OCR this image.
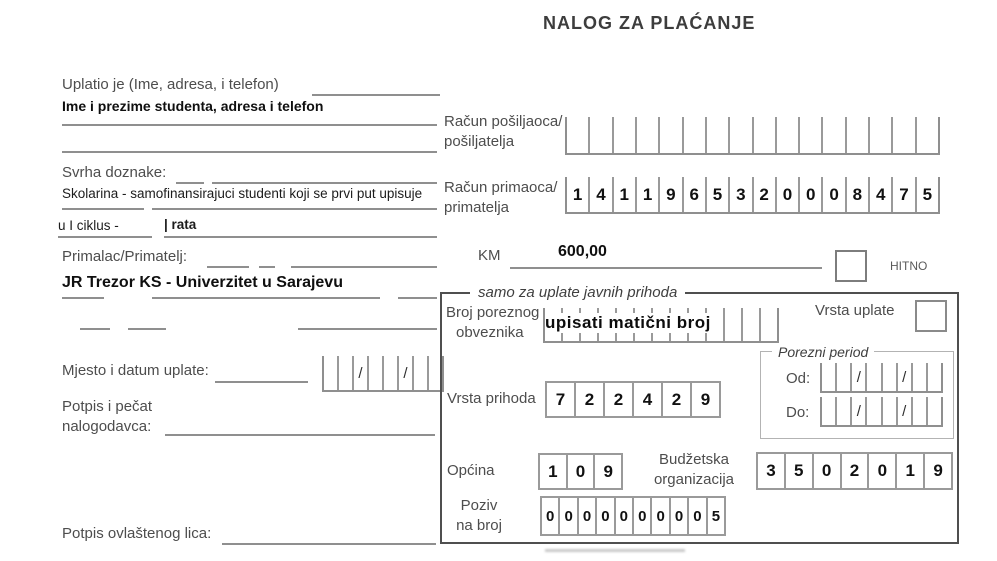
NALOG ZA PLAĆANJE
Uplatio je (Ime, adresa, i telefon)
Ime i prezime studenta, adresa i telefon
Račun pošiljaoca/
pošiljatelja
Svrha doznake:
Skolarina - samofinansirajuci studenti koji se prvi put upisuje
u I ciklus -	| rata
Račun primaoca/
primatelja
1 4 1 1 9 6 5 3 2 0 0 0 8 4 7 5
KM	600,00
HITNO
Primalac/Primatelj:
JR Trezor KS - Univerzitet u Sarajevu
Mjesto i datum uplate:	/	/
Potpis i pečat
nalogodavca:
Potpis ovlaštenog lica:
samo za uplate javnih prihoda
Broj poreznog
obveznika
upisati matični broj
Vrsta uplate
Porezni period
Od:	/	/
Do:	/	/
Vrsta prihoda	7	2	2	4	2	9
Općina	1	0	9
Budžetska
organizacija	3	5	0	2	0	1	9
Poziv
na broj
0 0 0 0 0 0 0 0 0 5
